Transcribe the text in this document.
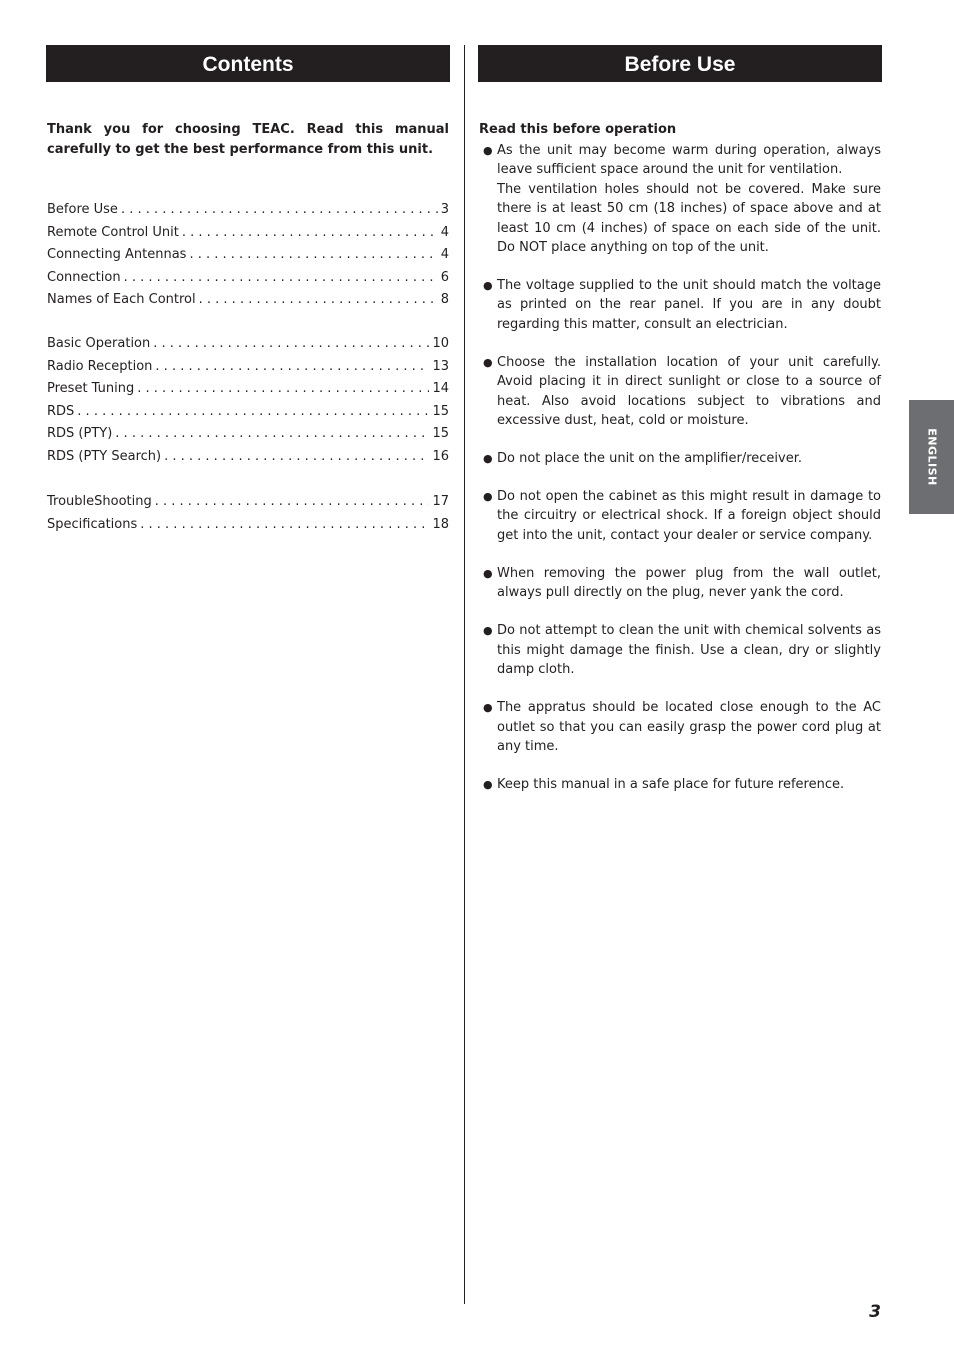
Contents	Before Use
Thank you for choosing TEAC. Read this manual carefully to get the best performance from this unit.
Before Use . . .	3
Remote Control Unit . . .	4
Connecting Antennas . . .	4
Connection . . .	6
Names of Each Control . . .	8
Basic Operation . . .	10
Radio Reception . . .	13
Preset Tuning . . .	14
RDS . . .	15
RDS (PTY) . . .	15
RDS (PTY Search) . . .	16
TroubleShooting . . .	17
Specifications . . .	18
Read this before operation
● As the unit may become warm during operation, always leave sufficient space around the unit for ventilation.

The ventilation holes should not be covered. Make sure there is at least 50 cm (18 inches) of space above and at least 10 cm (4 inches) of space on each side of the unit. Do NOT place anything on top of the unit.

● The voltage supplied to the unit should match the voltage as printed on the rear panel. If you are in any doubt regarding this matter, consult an electrician.

● Choose the installation location of your unit carefully. Avoid placing it in direct sunlight or close to a source of heat. Also avoid locations subject to vibrations and excessive dust, heat, cold or moisture.

● Do not place the unit on the amplifier/receiver.

● Do not open the cabinet as this might result in damage to the circuitry or electrical shock. If a foreign object should get into the unit, contact your dealer or service company.

● When removing the power plug from the wall outlet, always pull directly on the plug, never yank the cord.

● Do not attempt to clean the unit with chemical solvents as this might damage the finish. Use a clean, dry or slightly damp cloth.

● The appratus should be located close enough to the AC outlet so that you can easily grasp the power cord plug at any time.

● Keep this manual in a safe place for future reference.

ENGLISH
3
